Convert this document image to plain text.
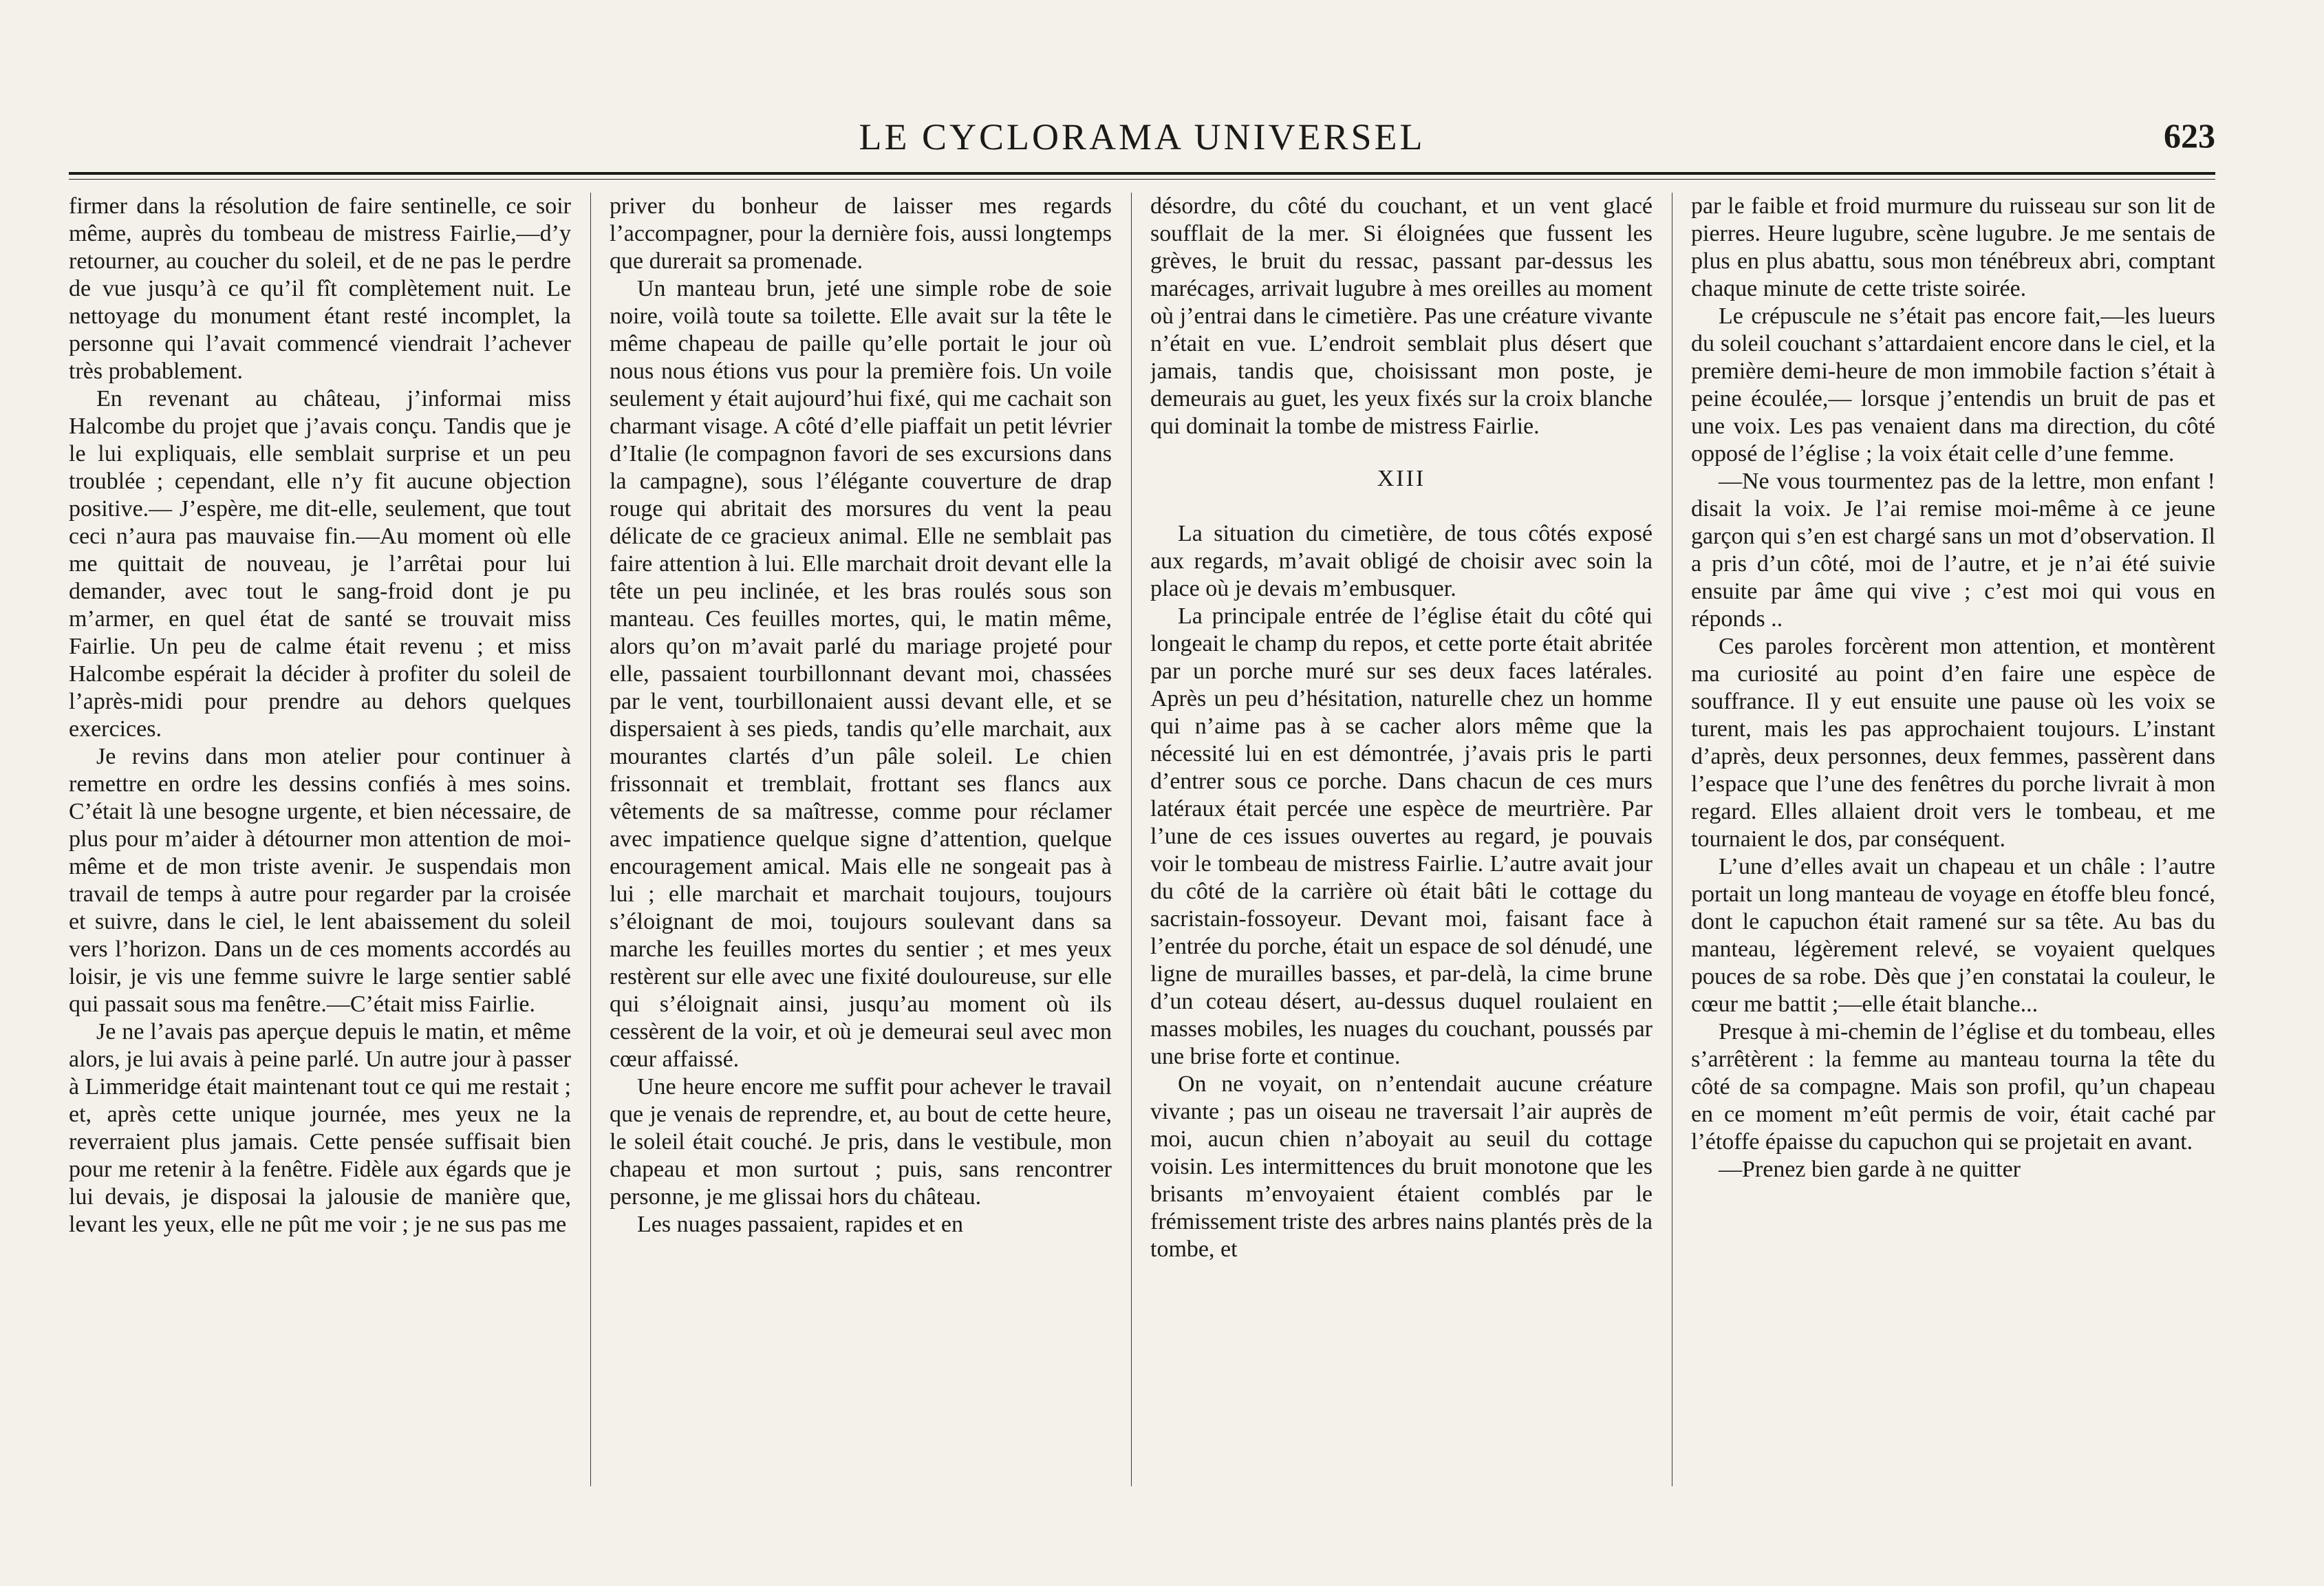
LE CYCLORAMA UNIVERSEL	623

firmer dans la résolution de faire sentinelle, ce soir même, auprès du tombeau de mistress Fairlie,—d’y retourner, au coucher du soleil, et de ne pas le perdre de vue jusqu’à ce qu’il fît complètement nuit. Le nettoyage du monument étant resté incomplet, la personne qui l’avait commencé viendrait l’achever très probablement.

En revenant au château, j’informai miss Halcombe du projet que j’avais conçu. Tandis que je le lui expliquais, elle semblait surprise et un peu troublée ; cependant, elle n’y fit aucune objection positive.— J’espère, me dit-elle, seulement, que tout ceci n’aura pas mauvaise fin.—Au moment où elle me quittait de nouveau, je l’arrêtai pour lui demander, avec tout le sang-froid dont je pu m’armer, en quel état de santé se trouvait miss Fairlie. Un peu de calme était revenu ; et miss Halcombe espérait la décider à profiter du soleil de l’après-midi pour prendre au dehors quelques exercices.

Je revins dans mon atelier pour continuer à remettre en ordre les dessins confiés à mes soins. C’était là une besogne urgente, et bien nécessaire, de plus pour m’aider à détourner mon attention de moi-même et de mon triste avenir. Je suspendais mon travail de temps à autre pour regarder par la croisée et suivre, dans le ciel, le lent abaissement du soleil vers l’horizon. Dans un de ces moments accordés au loisir, je vis une femme suivre le large sentier sablé qui passait sous ma fenêtre.—C’était miss Fairlie.

Je ne l’avais pas aperçue depuis le matin, et même alors, je lui avais à peine parlé. Un autre jour à passer à Limmeridge était maintenant tout ce qui me restait ; et, après cette unique journée, mes yeux ne la reverraient plus jamais. Cette pensée suffisait bien pour me retenir à la fenêtre. Fidèle aux égards que je lui devais, je disposai la jalousie de manière que, levant les yeux, elle ne pût me voir ; je ne sus pas me

priver du bonheur de laisser mes regards l’accompagner, pour la dernière fois, aussi longtemps que durerait sa promenade.

Un manteau brun, jeté une simple robe de soie noire, voilà toute sa toilette. Elle avait sur la tête le même chapeau de paille qu’elle portait le jour où nous nous étions vus pour la première fois. Un voile seulement y était aujourd’hui fixé, qui me cachait son charmant visage. A côté d’elle piaffait un petit lévrier d’Italie (le compagnon favori de ses excursions dans la campagne), sous l’élégante couverture de drap rouge qui abritait des morsures du vent la peau délicate de ce gracieux animal. Elle ne semblait pas faire attention à lui. Elle marchait droit devant elle la tête un peu inclinée, et les bras roulés sous son manteau. Ces feuilles mortes, qui, le matin même, alors qu’on m’avait parlé du mariage projeté pour elle, passaient tourbillonnant devant moi, chassées par le vent, tourbillonaient aussi devant elle, et se dispersaient à ses pieds, tandis qu’elle marchait, aux mourantes clartés d’un pâle soleil. Le chien frissonnait et tremblait, frottant ses flancs aux vêtements de sa maîtresse, comme pour réclamer avec impatience quelque signe d’attention, quelque encouragement amical. Mais elle ne songeait pas à lui ; elle marchait et marchait toujours, toujours s’éloignant de moi, toujours soulevant dans sa marche les feuilles mortes du sentier ; et mes yeux restèrent sur elle avec une fixité douloureuse, sur elle qui s’éloignait ainsi, jusqu’au moment où ils cessèrent de la voir, et où je demeurai seul avec mon cœur affaissé.

Une heure encore me suffit pour achever le travail que je venais de reprendre, et, au bout de cette heure, le soleil était couché. Je pris, dans le vestibule, mon chapeau et mon surtout ; puis, sans rencontrer personne, je me glissai hors du château.

Les nuages passaient, rapides et en

désordre, du côté du couchant, et un vent glacé soufflait de la mer. Si éloignées que fussent les grèves, le bruit du ressac, passant par-dessus les marécages, arrivait lugubre à mes oreilles au moment où j’entrai dans le cimetière. Pas une créature vivante n’était en vue. L’endroit semblait plus désert que jamais, tandis que, choisissant mon poste, je demeurais au guet, les yeux fixés sur la croix blanche qui dominait la tombe de mistress Fairlie.

XIII

La situation du cimetière, de tous côtés exposé aux regards, m’avait obligé de choisir avec soin la place où je devais m’embusquer.

La principale entrée de l’église était du côté qui longeait le champ du repos, et cette porte était abritée par un porche muré sur ses deux faces latérales. Après un peu d’hésitation, naturelle chez un homme qui n’aime pas à se cacher alors même que la nécessité lui en est démontrée, j’avais pris le parti d’entrer sous ce porche. Dans chacun de ces murs latéraux était percée une espèce de meurtrière. Par l’une de ces issues ouvertes au regard, je pouvais voir le tombeau de mistress Fairlie. L’autre avait jour du côté de la carrière où était bâti le cottage du sacristain-fossoyeur. Devant moi, faisant face à l’entrée du porche, était un espace de sol dénudé, une ligne de murailles basses, et par-delà, la cime brune d’un coteau désert, au-dessus duquel roulaient en masses mobiles, les nuages du couchant, poussés par une brise forte et continue.

On ne voyait, on n’entendait aucune créature vivante ; pas un oiseau ne traversait l’air auprès de moi, aucun chien n’aboyait au seuil du cottage voisin. Les intermittences du bruit monotone que les brisants m’envoyaient étaient comblés par le frémissement triste des arbres nains plantés près de la tombe, et

par le faible et froid murmure du ruisseau sur son lit de pierres. Heure lugubre, scène lugubre. Je me sentais de plus en plus abattu, sous mon ténébreux abri, comptant chaque minute de cette triste soirée.

Le crépuscule ne s’était pas encore fait,—les lueurs du soleil couchant s’attardaient encore dans le ciel, et la première demi-heure de mon immobile faction s’était à peine écoulée,— lorsque j’entendis un bruit de pas et une voix. Les pas venaient dans ma direction, du côté opposé de l’église ; la voix était celle d’une femme.

—Ne vous tourmentez pas de la lettre, mon enfant ! disait la voix. Je l’ai remise moi-même à ce jeune garçon qui s’en est chargé sans un mot d’observation. Il a pris d’un côté, moi de l’autre, et je n’ai été suivie ensuite par âme qui vive ; c’est moi qui vous en réponds ..

Ces paroles forcèrent mon attention, et montèrent ma curiosité au point d’en faire une espèce de souffrance. Il y eut ensuite une pause où les voix se turent, mais les pas approchaient toujours. L’instant d’après, deux personnes, deux femmes, passèrent dans l’espace que l’une des fenêtres du porche livrait à mon regard. Elles allaient droit vers le tombeau, et me tournaient le dos, par conséquent.

L’une d’elles avait un chapeau et un châle : l’autre portait un long manteau de voyage en étoffe bleu foncé, dont le capuchon était ramené sur sa tête. Au bas du manteau, légèrement relevé, se voyaient quelques pouces de sa robe. Dès que j’en constatai la couleur, le cœur me battit ;—elle était blanche...

Presque à mi-chemin de l’église et du tombeau, elles s’arrêtèrent : la femme au manteau tourna la tête du côté de sa compagne. Mais son profil, qu’un chapeau en ce moment m’eût permis de voir, était caché par l’étoffe épaisse du capuchon qui se projetait en avant.

—Prenez bien garde à ne quitter
